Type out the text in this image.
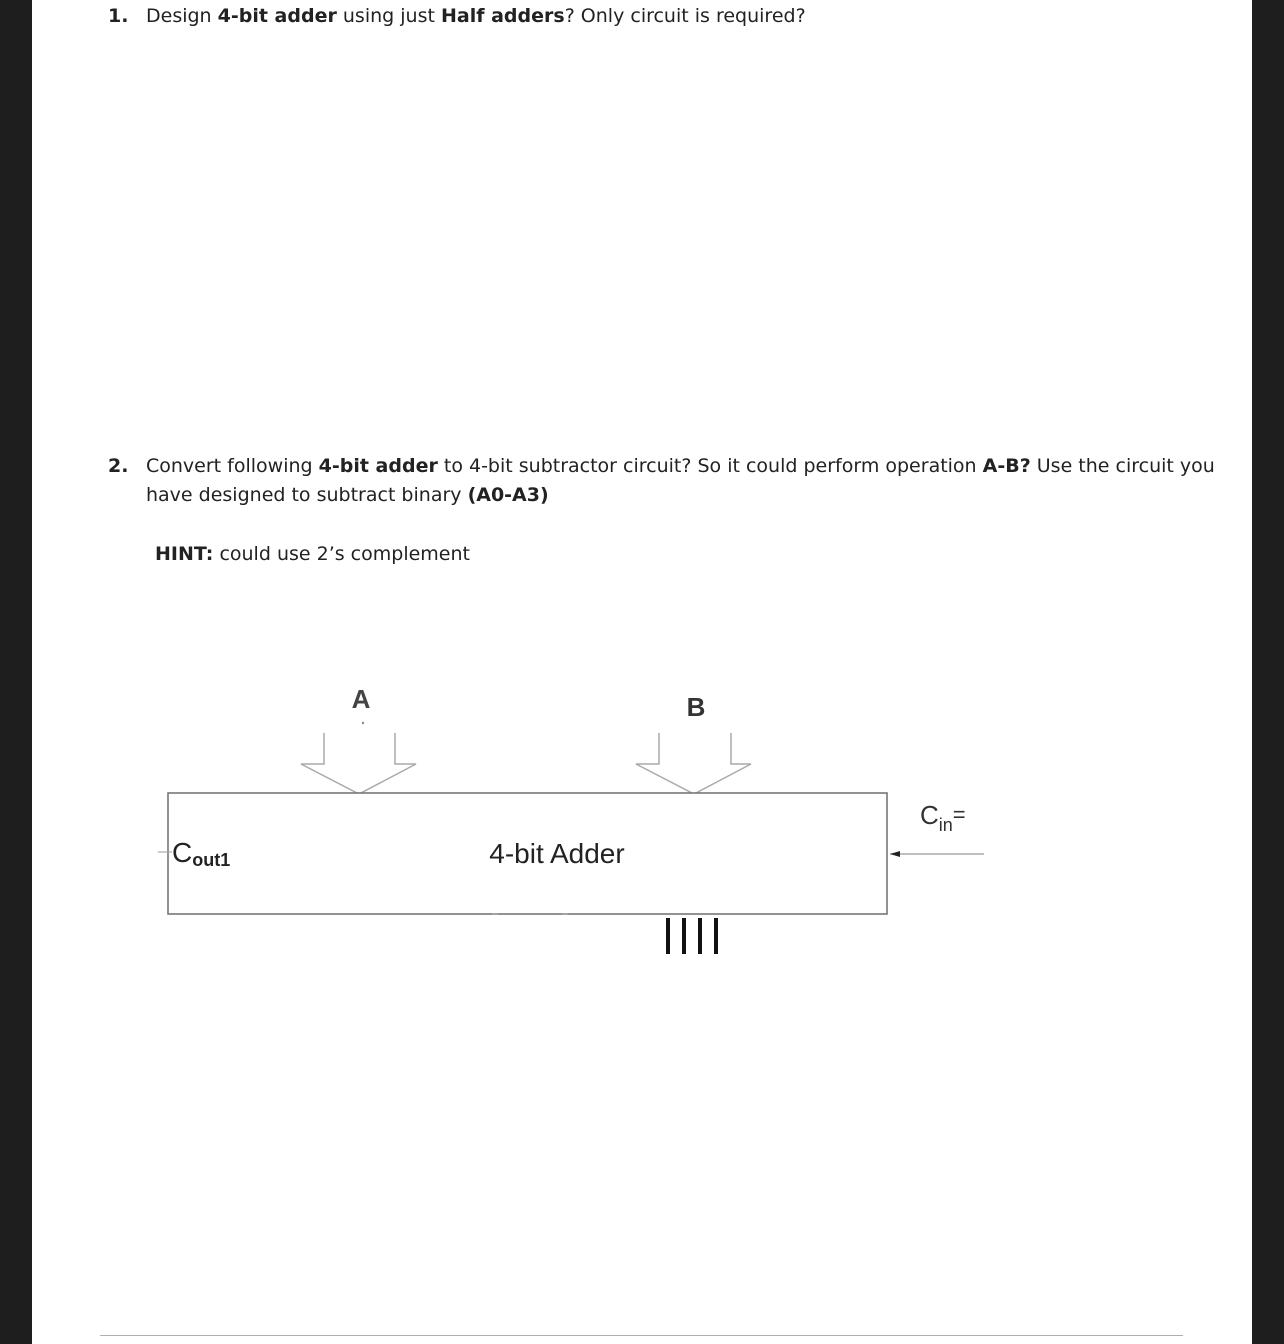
1. Design 4-bit adder using just Half adders? Only circuit is required?
2. Convert following 4-bit adder to 4-bit subtractor circuit? So it could perform operation A-B? Use the circuit you
have designed to subtract binary (A0-A3)
HINT: could use 2’s complement
A	B
4-bit Adder
Cout1
$C_{in}^=$
